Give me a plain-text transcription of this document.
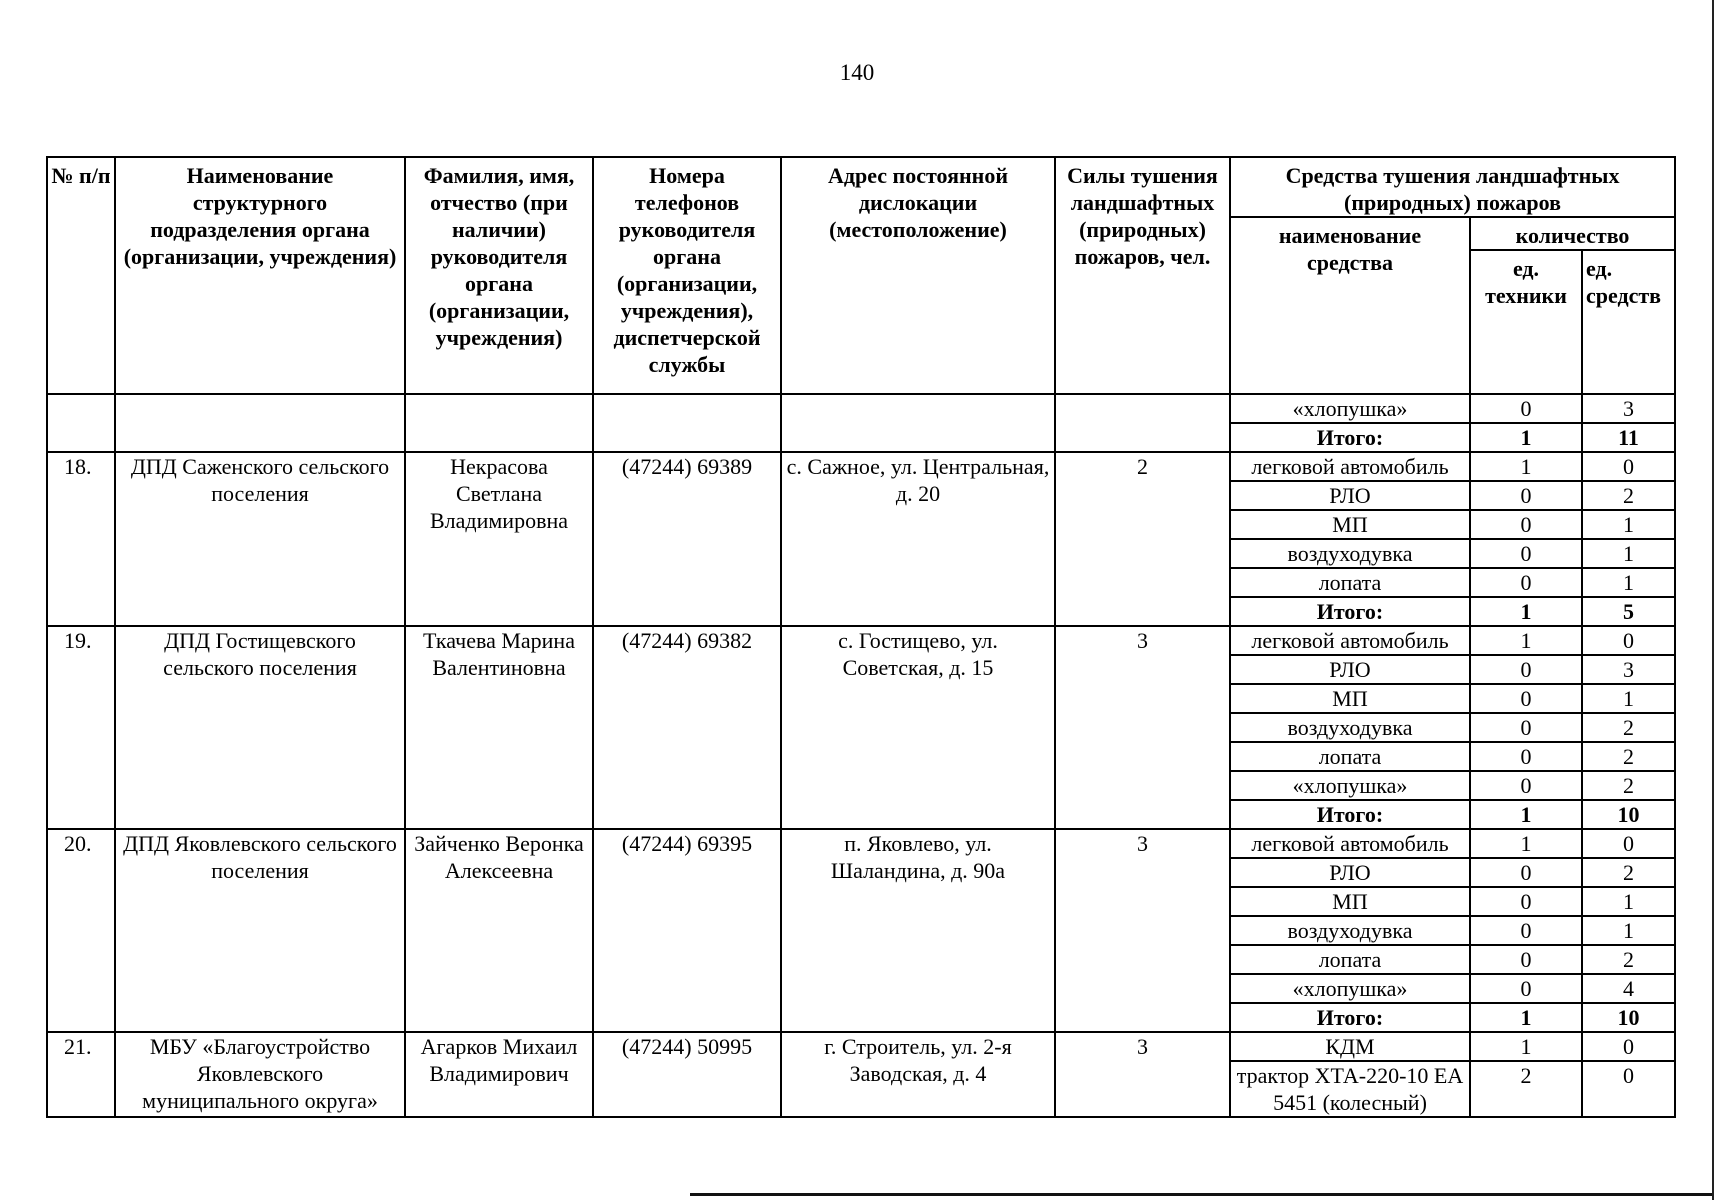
140
№ п/п	Наименование структурного подразделения органа (организации, учреждения)	Фамилия, имя, отчество (при наличии) руководителя органа (организации, учреждения)	Номера телефонов руководителя органа (организации, учреждения), диспетчерской службы	Адрес постоянной дислокации (местоположение)	Силы тушения ландшафтных (природных) пожаров, чел.	Средства тушения ландшафтных (природных) пожаров		
						наименование средства	количество	
							ед. техники	ед. средств
						«хлопушка»	0	3
						Итого:	1	11
18.	ДПД Саженского сельского поселения	Некрасова Светлана Владимировна	(47244) 69389	с. Сажное, ул. Центральная, д. 20	2	легковой автомобиль	1	0
						РЛО	0	2
						МП	0	1
						воздуходувка	0	1
						лопата	0	1
						Итого:	1	5
19.	ДПД Гостищевского сельского поселения	Ткачева Марина Валентиновна	(47244) 69382	с. Гостищево, ул. Советская, д. 15	3	легковой автомобиль	1	0
						РЛО	0	3
						МП	0	1
						воздуходувка	0	2
						лопата	0	2
						«хлопушка»	0	2
						Итого:	1	10
20.	ДПД Яковлевского сельского поселения	Зайченко Веронка Алексеевна	(47244) 69395	п. Яковлево, ул. Шаландина, д. 90а	3	легковой автомобиль	1	0
						РЛО	0	2
						МП	0	1
						воздуходувка	0	1
						лопата	0	2
						«хлопушка»	0	4
						Итого:	1	10
21.	МБУ «Благоустройство Яковлевского муниципального округа»	Агарков Михаил Владимирович	(47244) 50995	г. Строитель, ул. 2-я Заводская, д. 4	3	КДМ	1	0
						трактор ХТА-220-10 ЕА 5451 (колесный)	2	0
